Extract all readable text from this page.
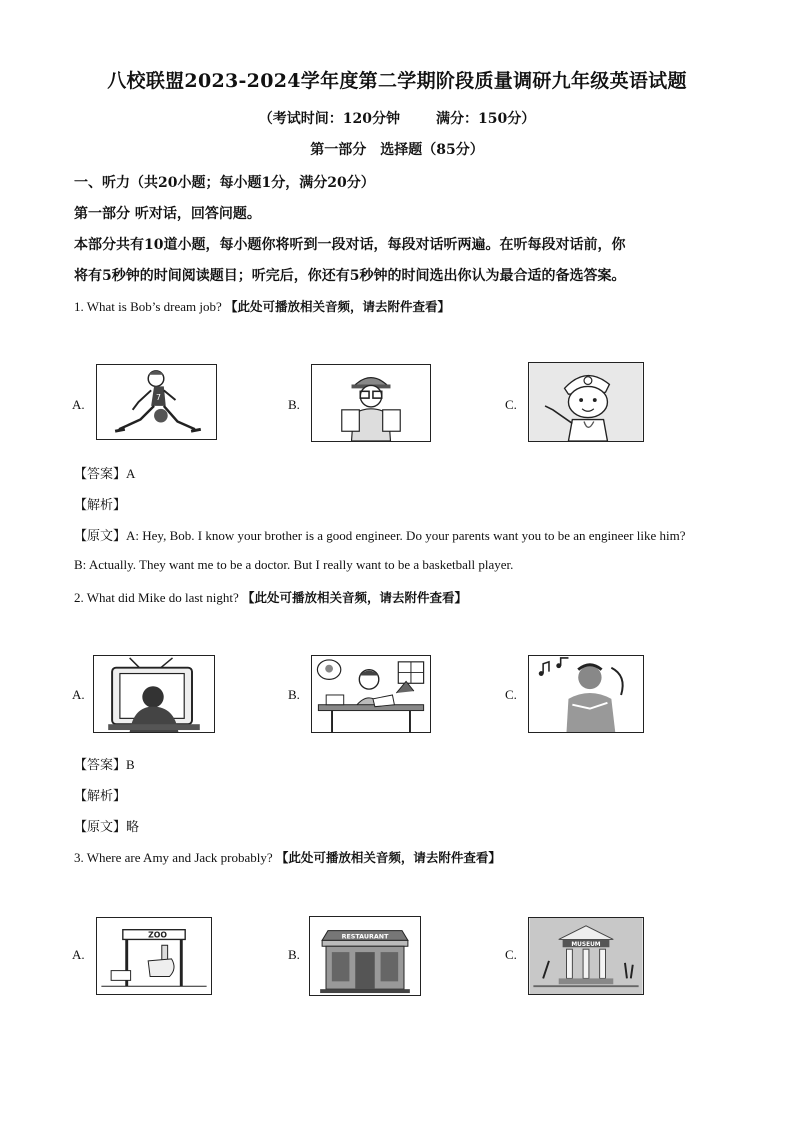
八校联盟2023-2024学年度第二学期阶段质量调研九年级英语试题
（考试时间：120分钟	满分：150分）
第一部分　选择题（85分）
一、听力（共20小题；每小题1分，满分20分）
第一部分 听对话，回答问题。
本部分共有10道小题，每小题你将听到一段对话，每段对话听两遍。在听每段对话前，你
将有5秒钟的时间阅读题目；听完后，你还有5秒钟的时间选出你认为最合适的备选答案。
1. What is Bob’s dream job? 【此处可播放相关音频，请去附件查看】
A.	7	B.	C.
【答案】A
【解析】
【原文】A: Hey, Bob. I know your brother is a good engineer. Do your parents want you to be an engineer like him?
B: Actually. They want me to be a doctor. But I really want to be a basketball player.
2. What did Mike do last night? 【此处可播放相关音频，请去附件查看】
A.	B.	C.
【答案】B
【解析】
【原文】略
3. Where are Amy and Jack probably? 【此处可播放相关音频，请去附件查看】
A.
ZOO
B.
RESTAURANT
C.
MUSEUM
